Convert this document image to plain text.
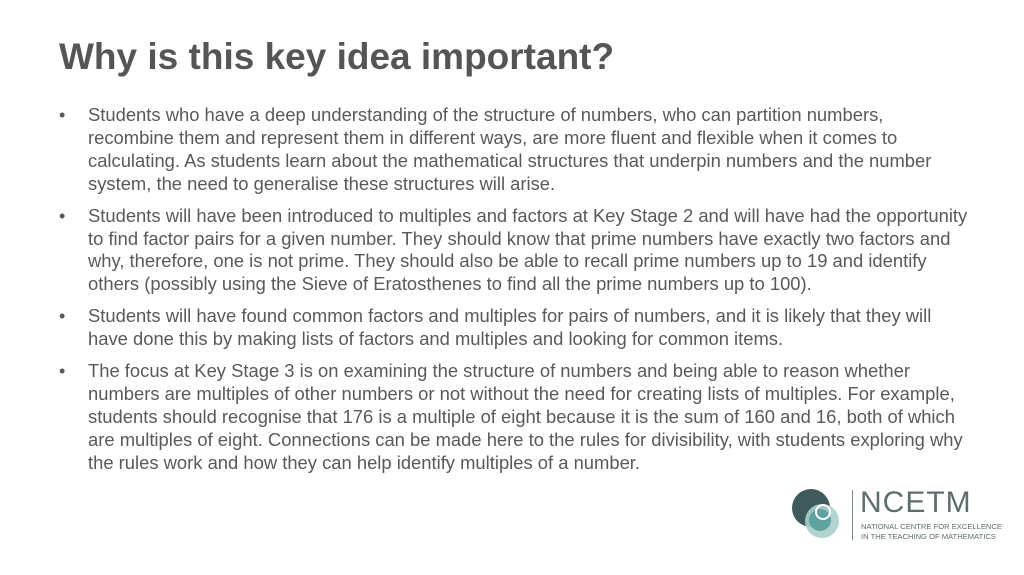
Why is this key idea important?
•	Students who have a deep understanding of the structure of numbers, who can partition numbers, recombine them and represent them in different ways, are more fluent and flexible when it comes to calculating. As students learn about the mathematical structures that underpin numbers and the number system, the need to generalise these structures will arise.
•	Students will have been introduced to multiples and factors at Key Stage 2 and will have had the opportunity to find factor pairs for a given number. They should know that prime numbers have exactly two factors and why, therefore, one is not prime. They should also be able to recall prime numbers up to 19 and identify others (possibly using the Sieve of Eratosthenes to find all the prime numbers up to 100).
•	Students will have found common factors and multiples for pairs of numbers, and it is likely that they will have done this by making lists of factors and multiples and looking for common items.
•	The focus at Key Stage 3 is on examining the structure of numbers and being able to reason whether numbers are multiples of other numbers or not without the need for creating lists of multiples. For example, students should recognise that 176 is a multiple of eight because it is the sum of 160 and 16, both of which are multiples of eight. Connections can be made here to the rules for divisibility, with students exploring why the rules work and how they can help identify multiples of a number.
NCETM
NATIONAL CENTRE FOR EXCELLENCE
IN THE TEACHING OF MATHEMATICS
